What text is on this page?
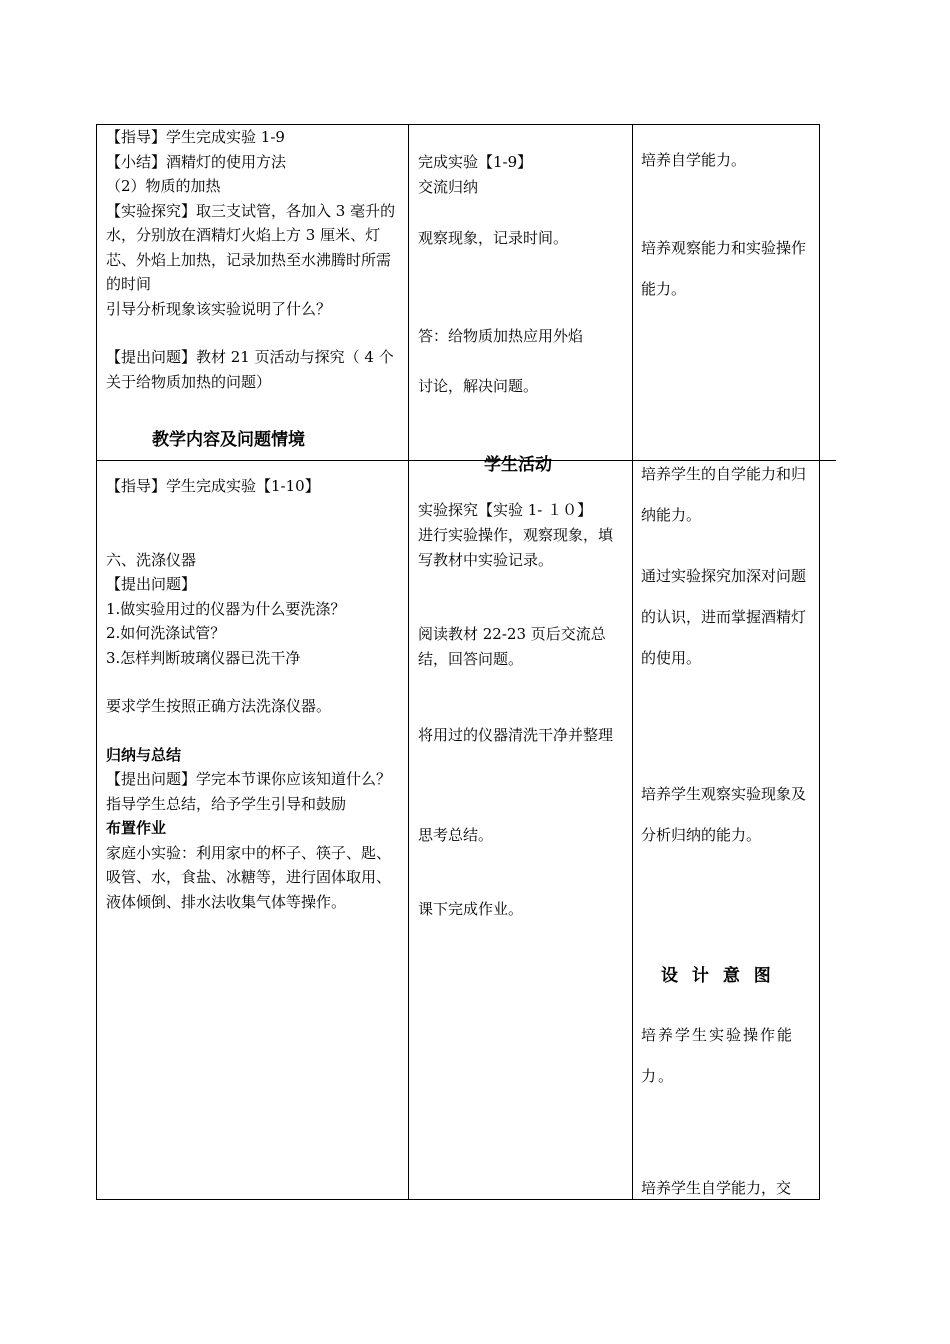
【指导】学生完成实验 1-9

【小结】酒精灯的使用方法

（2）物质的加热

【实验探究】取三支试管，各加入 3 毫升的水，分别放在酒精灯火焰上方 3 厘米、灯芯、外焰上加热，记录加热至水沸腾时所需的时间

引导分析现象该实验说明了什么？

【提出问题】教材 21 页活动与探究（ 4 个关于给物质加热的问题）

教学内容及问题情境
学生活动

【指导】学生完成实验【1-10】

六、洗涤仪器

【提出问题】

1.做实验用过的仪器为什么要洗涤？

2.如何洗涤试管？

3.怎样判断玻璃仪器已洗干净

要求学生按照正确方法洗涤仪器。

归纳与总结

【提出问题】学完本节课你应该知道什么？

指导学生总结，给予学生引导和鼓励

布置作业

家庭小实验：利用家中的杯子、筷子、匙、吸管、水，食盐、冰糖等，进行固体取用、液体倾倒、排水法收集气体等操作。

完成实验【1-9】
交流归纳
观察现象，记录时间。
答：给物质加热应用外焰
讨论，解决问题。
实验探究【实验 1- １０】
进行实验操作，观察现象，填写教材中实验记录。
阅读教材 22-23 页后交流总结，回答问题。
将用过的仪器清洗干净并整理
思考总结。
课下完成作业。
培养自学能力。
培养观察能力和实验操作能力。
培养学生的自学能力和归纳能力。
通过实验探究加深对问题的认识，进而掌握酒精灯的使用。
培养学生观察实验现象及分析归纳的能力。
设 计 意 图
培养学生实验操作能力。
培养学生自学能力，交
